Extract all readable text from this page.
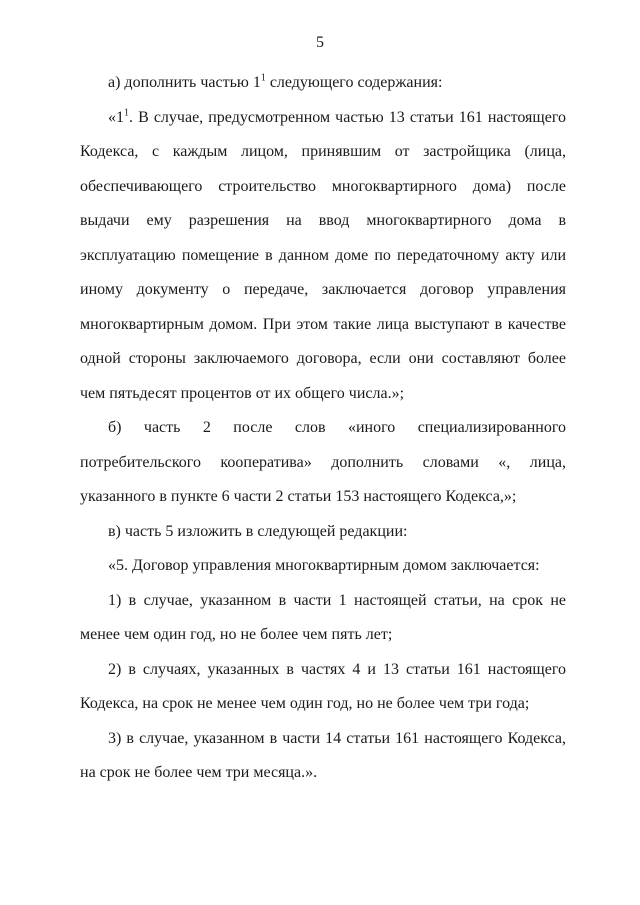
5

а) дополнить частью $1^1$ следующего содержания:

«$1^1$. В случае, предусмотренном частью 13 статьи 161 настоящего Кодекса, с каждым лицом, принявшим от застройщика (лица, обеспечивающего строительство многоквартирного дома) после выдачи ему разрешения на ввод многоквартирного дома в эксплуатацию помещение в данном доме по передаточному акту или иному документу о передаче, заключается договор управления многоквартирным домом. При этом такие лица выступают в качестве одной стороны заключаемого договора, если они составляют более чем пятьдесят процентов от их общего числа.»;

б) часть 2 после слов «иного специализированного потребительского кооператива» дополнить словами «, лица, указанного в пункте 6 части 2 статьи 153 настоящего Кодекса,»;

в) часть 5 изложить в следующей редакции:

«5. Договор управления многоквартирным домом заключается:

1) в случае, указанном в части 1 настоящей статьи, на срок не менее чем один год, но не более чем пять лет;

2) в случаях, указанных в частях 4 и 13 статьи 161 настоящего Кодекса, на срок не менее чем один год, но не более чем три года;

3) в случае, указанном в части 14 статьи 161 настоящего Кодекса, на срок не более чем три месяца.».
